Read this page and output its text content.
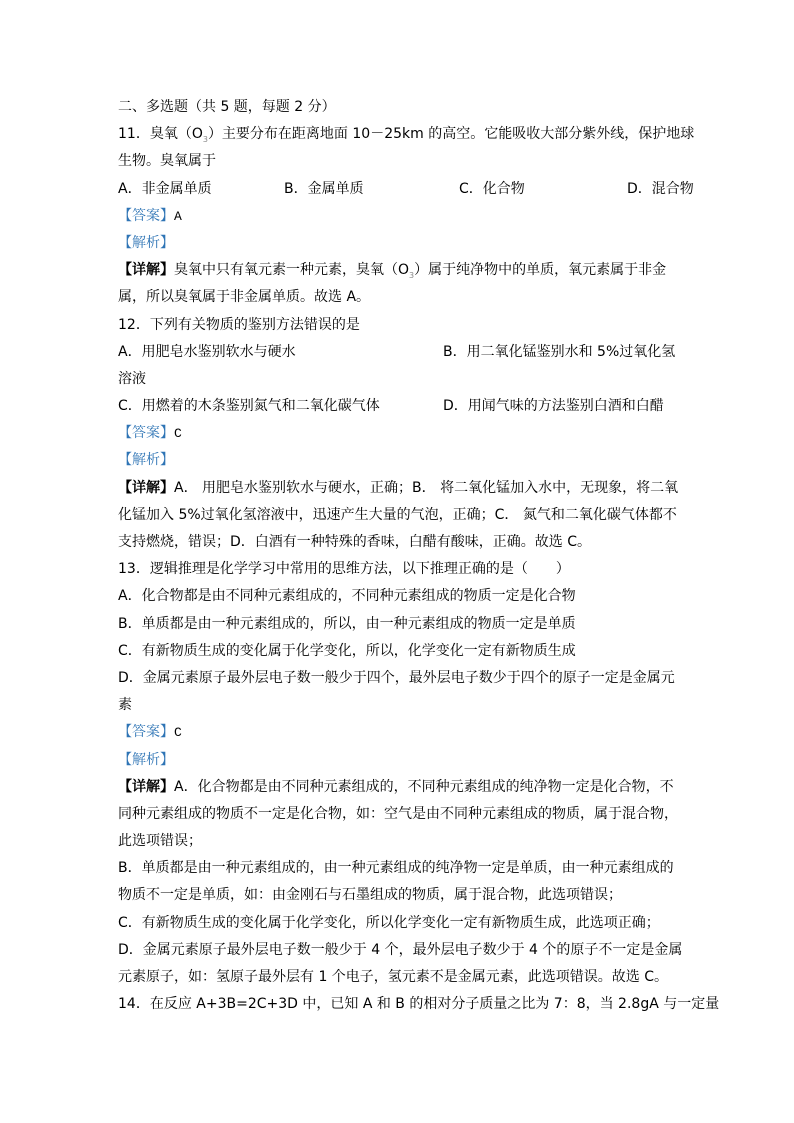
二、多选题（共 5 题，每题 2 分）
11．臭氧$(O_3)$主要分布在距离地面 10－25km 的高空。它能吸收大部分紫外线，保护地球
生物。臭氧属于
A．非金属单质	B．金属单质	C．化合物	D．混合物
【答案】A
【解析】
【详解】臭氧中只有氧元素一种元素，臭氧$(O_3)$属于纯净物中的单质，氧元素属于非金
属，所以臭氧属于非金属单质。故选 A。
12．下列有关物质的鉴别方法错误的是
A．用肥皂水鉴别软水与硬水	B．用二氧化锰鉴别水和 5%过氧化氢
溶液
C．用燃着的木条鉴别氮气和二氧化碳气体	D．用闻气味的方法鉴别白酒和白醋
【答案】C
【解析】
【详解】A． 用肥皂水鉴别软水与硬水，正确；B． 将二氧化锰加入水中，无现象，将二氧
化锰加入 5%过氧化氢溶液中，迅速产生大量的气泡，正确；C． 氮气和二氧化碳气体都不
支持燃烧，错误；D．白酒有一种特殊的香味，白醋有酸味，正确。故选 C。
13．逻辑推理是化学学习中常用的思维方法，以下推理正确的是（　　）
A．化合物都是由不同种元素组成的，不同种元素组成的物质一定是化合物
B．单质都是由一种元素组成的，所以，由一种元素组成的物质一定是单质
C．有新物质生成的变化属于化学变化，所以，化学变化一定有新物质生成
D．金属元素原子最外层电子数一般少于四个，最外层电子数少于四个的原子一定是金属元
素
【答案】C
【解析】
【详解】A．化合物都是由不同种元素组成的，不同种元素组成的纯净物一定是化合物，不
同种元素组成的物质不一定是化合物，如：空气是由不同种元素组成的物质，属于混合物，
此选项错误；
B．单质都是由一种元素组成的，由一种元素组成的纯净物一定是单质，由一种元素组成的
物质不一定是单质，如：由金刚石与石墨组成的物质，属于混合物，此选项错误；
C．有新物质生成的变化属于化学变化，所以化学变化一定有新物质生成，此选项正确；
D．金属元素原子最外层电子数一般少于 4 个，最外层电子数少于 4 个的原子不一定是金属
元素原子，如：氢原子最外层有 1 个电子，氢元素不是金属元素，此选项错误。故选 C。
14．在反应 A+3B=2C+3D 中，已知 A 和 B 的相对分子质量之比为 7：8，当 2.8gA 与一定量
